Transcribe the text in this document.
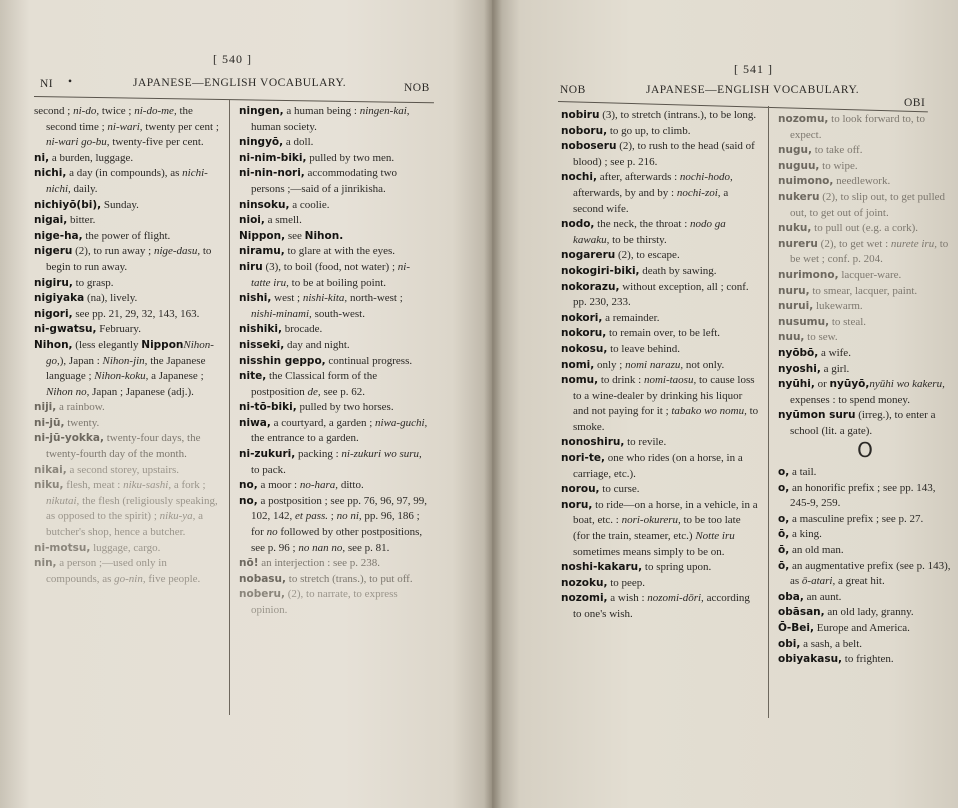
[ 540 ]
NI •	JAPANESE—ENGLISH VOCABULARY.	NOB

second ; ni-do, twice ; ni-do-me, the second time ; ni-wari, twenty per cent ; ni-wari go-bu, twenty-five per cent.

ni, a burden, luggage.

nichi, a day (in compounds), as nichi-nichi, daily.

nichiyō(bi), Sunday.

nigai, bitter.

nige-ha, the power of flight.

nigeru (2), to run away ; nige-dasu, to begin to run away.

nigiru, to grasp.

nigiyaka (na), lively.

nigori, see pp. 21, 29, 32, 143, 163.

ni-gwatsu, February.

Nihon, (less elegantly NipponNihon-go,), Japan : Nihon-jin, the Japanese language ; Nihon-koku, a Japanese ; Nihon no, Japan ; Japanese (adj.).

niji, a rainbow.

ni-jū, twenty.

ni-jū-yokka, twenty-four days, the twenty-fourth day of the month.

nikai, a second storey, upstairs.

niku, flesh, meat : niku-sashi, a fork ; nikutai, the flesh (religiously speaking, as opposed to the spirit) ; niku-ya, a butcher's shop, hence a butcher.

ni-motsu, luggage, cargo.

nin, a person ;—used only in compounds, as go-nin, five people.

ningen, a human being : ningen-kai, human society.

ningyō, a doll.

ni-nim-biki, pulled by two men.

ni-nin-nori, accommodating two persons ;—said of a jinrikisha.

ninsoku, a coolie.

nioi, a smell.

Nippon, see Nihon.

niramu, to glare at with the eyes.

niru (3), to boil (food, not water) ; ni-tatte iru, to be at boiling point.

nishi, west ; nishi-kita, north-west ; nishi-minami, south-west.

nishiki, brocade.

nisseki, day and night.

nisshin geppo, continual progress.

nite, the Classical form of the postposition de, see p. 62.

ni-tō-biki, pulled by two horses.

niwa, a courtyard, a garden ; niwa-guchi, the entrance to a garden.

ni-zukuri, packing : ni-zukuri wo suru, to pack.

no, a moor : no-hara, ditto.

no, a postposition ; see pp. 76, 96, 97, 99, 102, 142, et pass. ; no ni, pp. 96, 186 ; for no followed by other postpositions, see p. 96 ; no nan no, see p. 81.

nō! an interjection : see p. 238.

nobasu, to stretch (trans.), to put off.

noberu, (2), to narrate, to express opinion.

[ 541 ]
NOB	JAPANESE—ENGLISH VOCABULARY.
OBI

nobiru (3), to stretch (intrans.), to be long.

noboru, to go up, to climb.

noboseru (2), to rush to the head (said of blood) ; see p. 216.

nochi, after, afterwards : nochi-hodo, afterwards, by and by : nochi-zoi, a second wife.

nodo, the neck, the throat : nodo ga kawaku, to be thirsty.

nogareru (2), to escape.

nokogiri-biki, death by sawing.

nokorazu, without exception, all ; conf. pp. 230, 233.

nokori, a remainder.

nokoru, to remain over, to be left.

nokosu, to leave behind.

nomi, only ; nomi narazu, not only.

nomu, to drink : nomi-taosu, to cause loss to a wine-dealer by drinking his liquor and not paying for it ; tabako wo nomu, to smoke.

nonoshiru, to revile.

nori-te, one who rides (on a horse, in a carriage, etc.).

norou, to curse.

noru, to ride—on a horse, in a vehicle, in a boat, etc. : nori-okureru, to be too late (for the train, steamer, etc.) Notte iru sometimes means simply to be on.

noshi-kakaru, to spring upon.

nozoku, to peep.

nozomi, a wish : nozomi-dōri, according to one's wish.

nozomu, to look forward to, to expect.

nugu, to take off.

nuguu, to wipe.

nuimono, needlework.

nukeru (2), to slip out, to get pulled out, to get out of joint.

nuku, to pull out (e.g. a cork).

nureru (2), to get wet : nurete iru, to be wet ; conf. p. 204.

nurimono, lacquer-ware.

nuru, to smear, lacquer, paint.

nurui, lukewarm.

nusumu, to steal.

nuu, to sew.

nyōbō, a wife.

nyoshi, a girl.

nyūhi, or nyūyō,nyūhi wo kakeru, expenses : to spend money.

nyūmon suru (irreg.), to enter a school (lit. a gate).

O

o, a tail.

o, an honorific prefix ; see pp. 143, 245-9, 259.

o, a masculine prefix ; see p. 27.

ō, a king.

ō, an old man.

ō, an augmentative prefix (see p. 143), as ō-atari, a great hit.

oba, an aunt.

obāsan, an old lady, granny.

Ō-Bei, Europe and America.

obi, a sash, a belt.

obiyakasu, to frighten.
